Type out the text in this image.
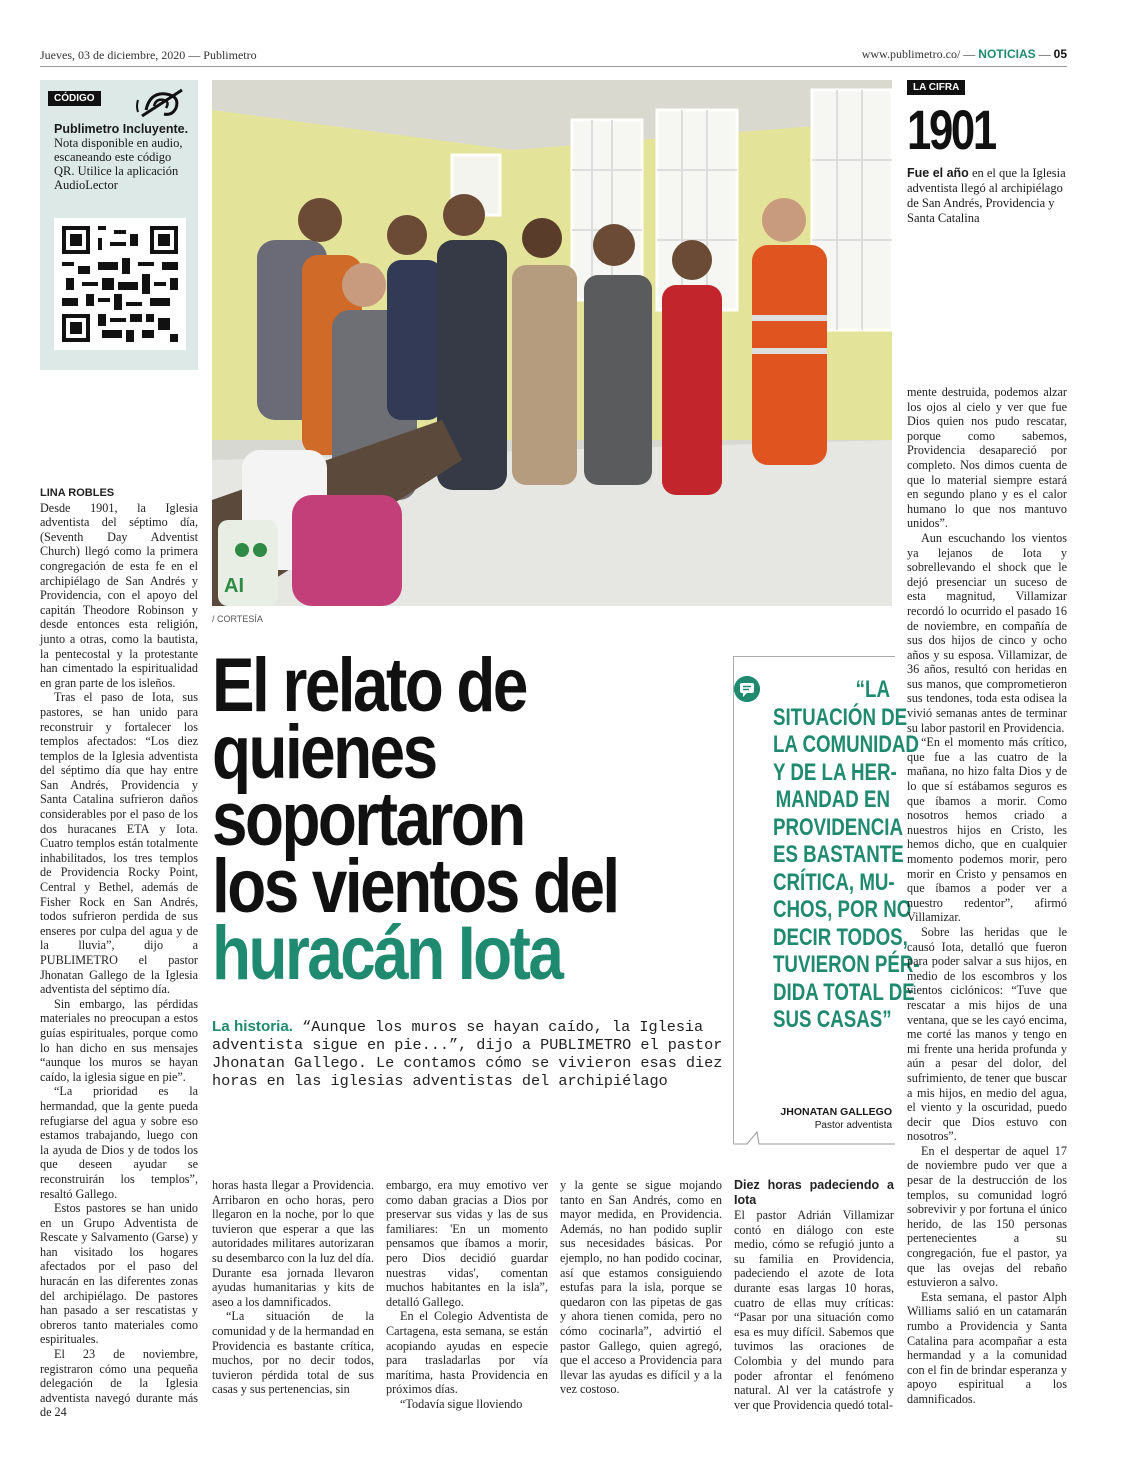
Jueves, 03 de diciembre, 2020 — Publimetro	www.publimetro.co/ — NOTICIAS — 05
CÓDIGO
Publimetro Incluyente. Nota disponible en audio, escaneando este código QR. Utilice la aplicación AudioLector
AI
/ CORTESÍA
LA CIFRA
1901
Fue el año en el que la Iglesia adventista llegó al archipiélago de San Andrés, Providencia y Santa Catalina
El relato de
quienes
soportaron
los vientos del
huracán Iota
La historia. “Aunque los muros se hayan caído, la Iglesia adventista sigue en pie...”, dijo a PUBLIMETRO el pastor Jhonatan Gallego. Le contamos cómo se vivieron esas diez horas en las iglesias adventistas del archipiélago
“LA
SITUACIÓN DE
LA COMUNIDAD
Y DE LA HER-
MANDAD EN
PROVIDENCIA
ES BASTANTE
CRÍTICA, MU-
CHOS, POR NO
DECIR TODOS,
TUVIERON PÉR-
DIDA TOTAL DE
SUS CASAS”
JHONATAN GALLEGO
Pastor adventista
LINA ROBLES

Desde 1901, la Iglesia adventista del séptimo día, (Seventh Day Adventist Church) llegó como la primera congregación de esta fe en el archipiélago de San Andrés y Providencia, con el apoyo del capitán Theodore Robinson y desde entonces esta religión, junto a otras, como la bautista, la pentecostal y la protestante han cimentado la espiritualidad en gran parte de los isleños.

Tras el paso de Iota, sus pastores, se han unido para reconstruir y fortalecer los templos afectados: “Los diez templos de la Iglesia adventista del séptimo día que hay entre San Andrés, Providencia y Santa Catalina sufrieron daños considerables por el paso de los dos huracanes ETA y Iota. Cuatro templos están totalmente inhabilitados, los tres templos de Providencia Rocky Point, Central y Bethel, además de Fisher Rock en San Andrés, todos sufrieron perdida de sus enseres por culpa del agua y de la lluvia”, dijo a PUBLIMETRO el pastor Jhonatan Gallego de la Iglesia adventista del séptimo día.

Sin embargo, las pérdidas materiales no preocupan a estos guías espirituales, porque como lo han dicho en sus mensajes “aunque los muros se hayan caído, la iglesia sigue en pie”.

“La prioridad es la hermandad, que la gente pueda refugiarse del agua y sobre eso estamos trabajando, luego con la ayuda de Dios y de todos los que deseen ayudar se reconstruirán los templos”, resaltó Gallego.

Estos pastores se han unido en un Grupo Adventista de Rescate y Salvamento (Garse) y han visitado los hogares afectados por el paso del huracán en las diferentes zonas del archipiélago. De pastores han pasado a ser rescatistas y obreros tanto materiales como espirituales.

El 23 de noviembre, registraron cómo una pequeña delegación de la Iglesia adventista navegó durante más de 24

horas hasta llegar a Providencia. Arribaron en ocho horas, pero llegaron en la noche, por lo que tuvieron que esperar a que las autoridades militares autorizaran su desembarco con la luz del día. Durante esa jornada llevaron ayudas humanitarias y kits de aseo a los damnificados.

“La situación de la comunidad y de la hermandad en Providencia es bastante crítica, muchos, por no decir todos, tuvieron pérdida total de sus casas y sus pertenencias, sin

embargo, era muy emotivo ver como daban gracias a Dios por preservar sus vidas y las de sus familiares: 'En un momento pensamos que íbamos a morir, pero Dios decidió guardar nuestras vidas', comentan muchos habitantes en la isla”, detalló Gallego.

En el Colegio Adventista de Cartagena, esta semana, se están acopiando ayudas en especie para trasladarlas por vía marítima, hasta Providencia en próximos días.

“Todavía sigue lloviendo

y la gente se sigue mojando tanto en San Andrés, como en mayor medida, en Providencia. Además, no han podido suplir sus necesidades básicas. Por ejemplo, no han podido cocinar, así que estamos consiguiendo estufas para la isla, porque se quedaron con las pipetas de gas y ahora tienen comida, pero no cómo cocinarla”, advirtió el pastor Gallego, quien agregó, que el acceso a Providencia para llevar las ayudas es difícil y a la vez costoso.

Diez horas padeciendo a Iota

El pastor Adrián Villamizar contó en diálogo con este medio, cómo se refugió junto a su familia en Providencia, padeciendo el azote de Iota durante esas largas 10 horas, cuatro de ellas muy críticas: “Pasar por una situación como esa es muy difícil. Sabemos que tuvimos las oraciones de Colombia y del mundo para poder afrontar el fenómeno natural. Al ver la catástrofe y ver que Providencia quedó total-

mente destruida, podemos alzar los ojos al cielo y ver que fue Dios quien nos pudo rescatar, porque como sabemos, Providencia desapareció por completo. Nos dimos cuenta de que lo material siempre estará en segundo plano y es el calor humano lo que nos mantuvo unidos”.

Aun escuchando los vientos ya lejanos de Iota y sobrellevando el shock que le dejó presenciar un suceso de esta magnitud, Villamizar recordó lo ocurrido el pasado 16 de noviembre, en compañía de sus dos hijos de cinco y ocho años y su esposa. Villamizar, de 36 años, resultó con heridas en sus manos, que comprometieron sus tendones, toda esta odisea la vivió semanas antes de terminar su labor pastoril en Providencia.

“En el momento más crítico, que fue a las cuatro de la mañana, no hizo falta Dios y de lo que sí estábamos seguros es que íbamos a morir. Como nosotros hemos criado a nuestros hijos en Cristo, les hemos dicho, que en cualquier momento podemos morir, pero morir en Cristo y pensamos en que íbamos a poder ver a nuestro redentor”, afirmó Villamizar.

Sobre las heridas que le causó Iota, detalló que fueron para poder salvar a sus hijos, en medio de los escombros y los vientos ciclónicos: “Tuve que rescatar a mis hijos de una ventana, que se les cayó encima, me corté las manos y tengo en mi frente una herida profunda y aún a pesar del dolor, del sufrimiento, de tener que buscar a mis hijos, en medio del agua, el viento y la oscuridad, puedo decir que Dios estuvo con nosotros”.

En el despertar de aquel 17 de noviembre pudo ver que a pesar de la destrucción de los templos, su comunidad logró sobrevivir y por fortuna el único herido, de las 150 personas pertenecientes a su congregación, fue el pastor, ya que las ovejas del rebaño estuvieron a salvo.

Esta semana, el pastor Alph Williams salió en un catamarán rumbo a Providencia y Santa Catalina para acompañar a esta hermandad y a la comunidad con el fin de brindar esperanza y apoyo espiritual a los damnificados.
